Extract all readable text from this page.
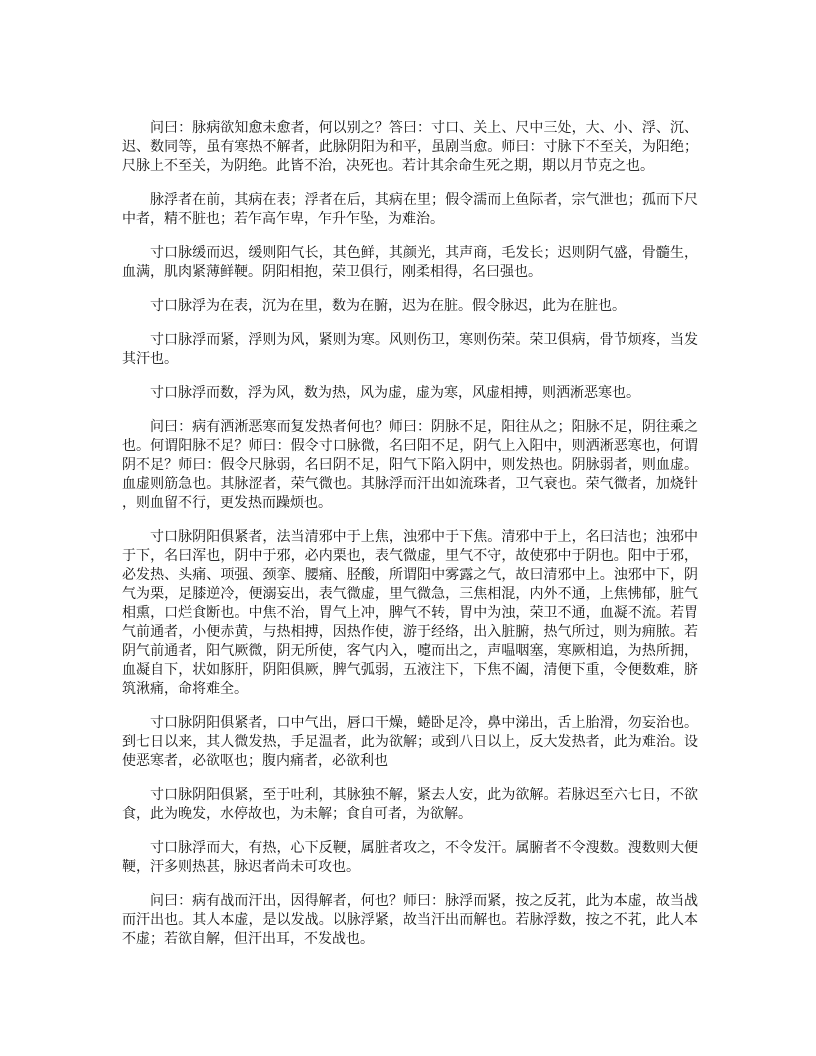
问曰：脉病欲知愈未愈者，何以别之？答曰：寸口、关上、尺中三处，大、小、浮、沉、迟、数同等，虽有寒热不解者，此脉阴阳为和平，虽剧当愈。师曰：寸脉下不至关，为阳绝；尺脉上不至关，为阴绝。此皆不治，决死也。若计其余命生死之期，期以月节克之也。

脉浮者在前，其病在表；浮者在后，其病在里；假令濡而上鱼际者，宗气泄也；孤而下尺中者，精不脏也；若乍高乍卑，乍升乍坠，为难治。

寸口脉缓而迟，缓则阳气长，其色鲜，其颜光，其声商，毛发长；迟则阴气盛，骨髓生，血满，肌肉紧薄鲜鞕。阴阳相抱，荣卫俱行，刚柔相得，名曰强也。

寸口脉浮为在表，沉为在里，数为在腑，迟为在脏。假令脉迟，此为在脏也。

寸口脉浮而紧，浮则为风，紧则为寒。风则伤卫，寒则伤荣。荣卫俱病，骨节烦疼，当发其汗也。

寸口脉浮而数，浮为风，数为热，风为虚，虚为寒，风虚相搏，则洒淅恶寒也。

问曰：病有洒淅恶寒而复发热者何也？师曰：阴脉不足，阳往从之；阳脉不足，阴往乘之也。何谓阳脉不足？师曰：假令寸口脉微，名曰阳不足，阴气上入阳中，则洒淅恶寒也，何谓阴不足？师曰：假令尺脉弱，名曰阴不足，阳气下陷入阴中，则发热也。阴脉弱者，则血虚。血虚则筋急也。其脉涩者，荣气微也。其脉浮而汗出如流珠者，卫气衰也。荣气微者，加烧针，则血留不行，更发热而躁烦也。

寸口脉阴阳俱紧者，法当清邪中于上焦，浊邪中于下焦。清邪中于上，名曰洁也；浊邪中于下，名曰浑也，阴中于邪，必内栗也，表气微虚，里气不守，故使邪中于阴也。阳中于邪，必发热、头痛、项强、颈挛、腰痛、胫酸，所谓阳中雾露之气，故曰清邪中上。浊邪中下，阴气为栗，足膝逆冷，便溺妄出，表气微虚，里气微急，三焦相混，内外不通，上焦怫郁，脏气相熏，口烂食断也。中焦不治，胃气上冲，脾气不转，胃中为浊，荣卫不通，血凝不流。若胃气前通者，小便赤黄，与热相搏，因热作使，游于经络，出入脏腑，热气所过，则为痈脓。若阴气前通者，阳气厥微，阴无所使，客气内入，嚏而出之，声嗢咽塞，寒厥相追，为热所拥，血凝自下，状如豚肝，阴阳俱厥，脾气弧弱，五液注下，下焦不阖，清便下重，令便数难，脐筑湫痛，命将难全。

寸口脉阴阳俱紧者，口中气出，唇口干燥，蜷卧足冷，鼻中涕出，舌上胎滑，勿妄治也。到七日以来，其人微发热，手足温者，此为欲解；或到八日以上，反大发热者，此为难治。设使恶寒者，必欲呕也；腹内痛者，必欲利也

寸口脉阴阳俱紧，至于吐利，其脉独不解，紧去人安，此为欲解。若脉迟至六七日，不欲食，此为晚发，水停故也，为未解；食自可者，为欲解。

寸口脉浮而大，有热，心下反鞕，属脏者攻之，不令发汗。属腑者不令溲数。溲数则大便鞕，汗多则热甚，脉迟者尚未可攻也。

问曰：病有战而汗出，因得解者，何也？师曰：脉浮而紧，按之反芤，此为本虚，故当战而汗出也。其人本虚，是以发战。以脉浮紧，故当汗出而解也。若脉浮数，按之不芤，此人本不虚；若欲自解，但汗出耳，不发战也。
